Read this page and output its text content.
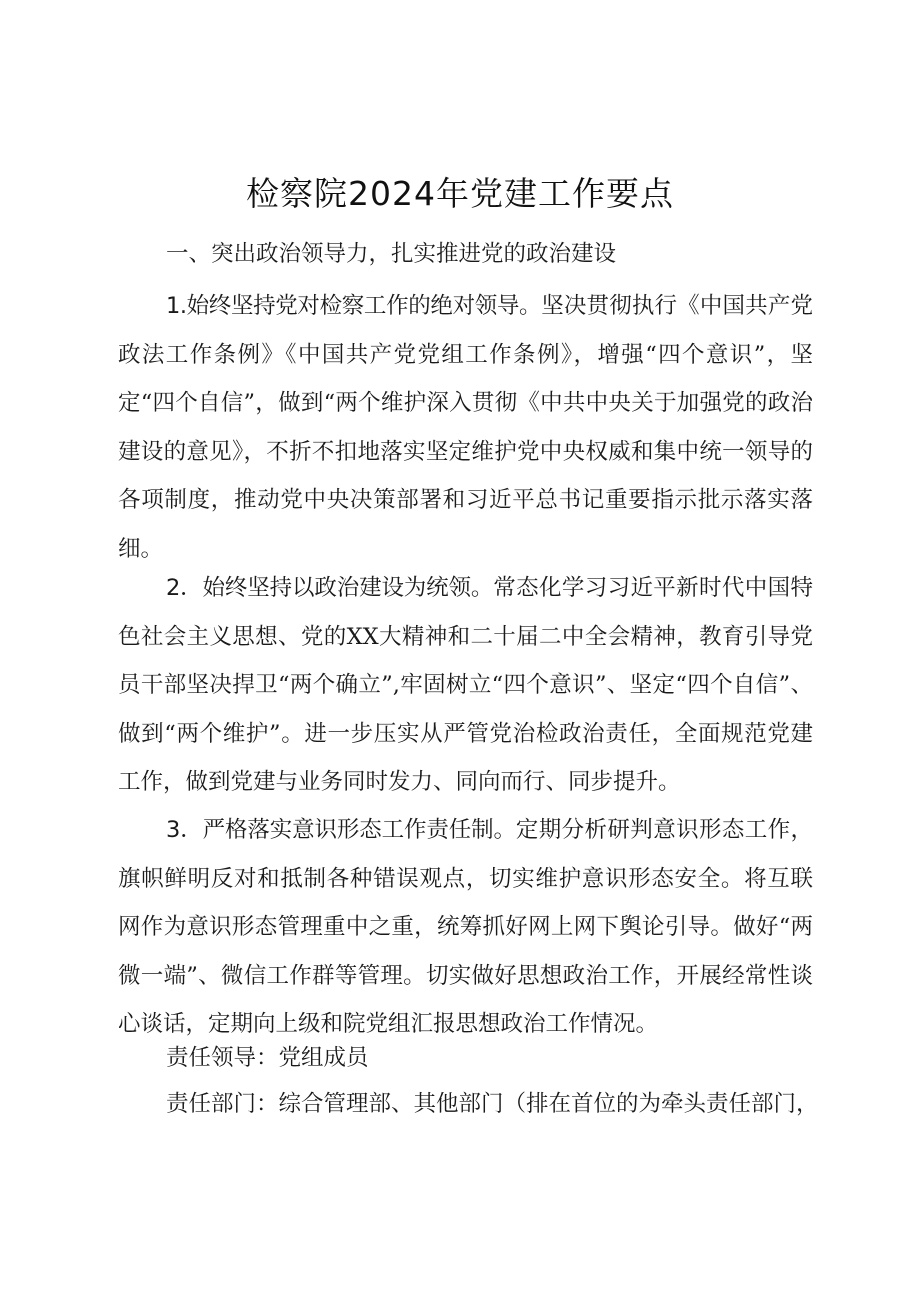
检察院2024年党建工作要点
一、突出政治领导力，扎实推进党的政治建设
1.始终坚持党对检察工作的绝对领导。坚决贯彻执行《中国共产党政法工作条例》《中国共产党党组工作条例》，增强“四个意识”，坚定“四个自信”，做到“两个维护深入贯彻《中共中央关于加强党的政治建设的意见》，不折不扣地落实坚定维护党中央权威和集中统一领导的各项制度，推动党中央决策部署和习近平总书记重要指示批示落实落细。
2．始终坚持以政治建设为统领。常态化学习习近平新时代中国特色社会主义思想、党的XX大精神和二十届二中全会精神，教育引导党员干部坚决捍卫“两个确立”,牢固树立“四个意识”、坚定“四个自信”、做到“两个维护”。进一步压实从严管党治检政治责任，全面规范党建工作，做到党建与业务同时发力、同向而行、同步提升。
3．严格落实意识形态工作责任制。定期分析研判意识形态工作，旗帜鲜明反对和抵制各种错误观点，切实维护意识形态安全。将互联网作为意识形态管理重中之重，统筹抓好网上网下舆论引导。做好“两微一端”、微信工作群等管理。切实做好思想政治工作，开展经常性谈心谈话，定期向上级和院党组汇报思想政治工作情况。
责任领导：党组成员
责任部门：综合管理部、其他部门（排在首位的为牵头责任部门，
